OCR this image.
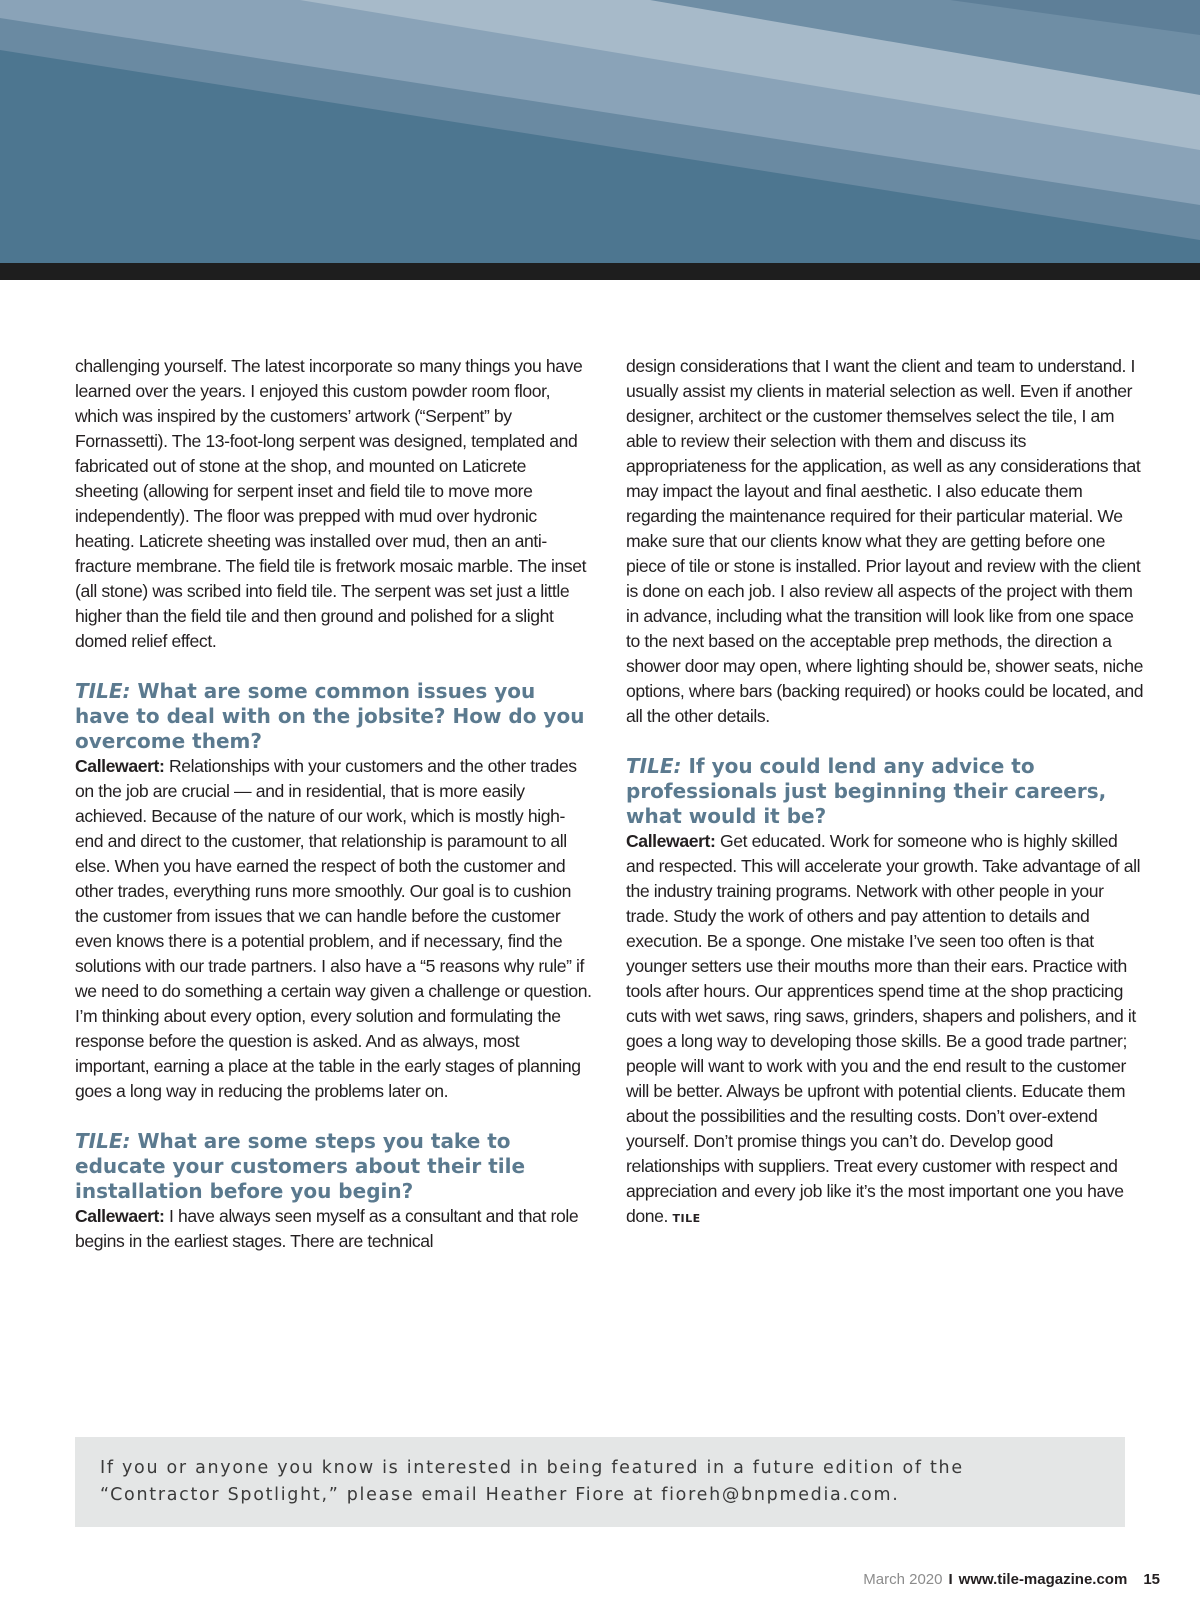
challenging yourself. The latest incorporate so many things you have learned over the years. I enjoyed this custom powder room floor, which was inspired by the customers’ artwork (“Serpent” by Fornassetti). The 13-foot-long serpent was designed, templated and fabricated out of stone at the shop, and mounted on Laticrete sheeting (allowing for serpent inset and field tile to move more independently). The floor was prepped with mud over hydronic heating. Laticrete sheeting was installed over mud, then an anti-fracture membrane. The field tile is fretwork mosaic marble. The inset (all stone) was scribed into field tile. The serpent was set just a little higher than the field tile and then ground and polished for a slight domed relief effect.

TILE: What are some common issues you have to deal with on the jobsite? How do you overcome them?

Callewaert: Relationships with your customers and the other trades on the job are crucial — and in residential, that is more easily achieved. Because of the nature of our work, which is mostly high-end and direct to the customer, that relationship is paramount to all else. When you have earned the respect of both the customer and other trades, everything runs more smoothly. Our goal is to cushion the customer from issues that we can handle before the customer even knows there is a potential problem, and if necessary, find the solutions with our trade partners. I also have a “5 reasons why rule” if we need to do something a certain way given a challenge or question. I’m thinking about every option, every solution and formulating the response before the question is asked. And as always, most important, earning a place at the table in the early stages of planning goes a long way in reducing the problems later on.

TILE: What are some steps you take to educate your customers about their tile installation before you begin?

Callewaert: I have always seen myself as a consultant and that role begins in the earliest stages. There are technical

design considerations that I want the client and team to understand. I usually assist my clients in material selection as well. Even if another designer, architect or the customer themselves select the tile, I am able to review their selection with them and discuss its appropriateness for the application, as well as any considerations that may impact the layout and final aesthetic. I also educate them regarding the maintenance required for their particular material. We make sure that our clients know what they are getting before one piece of tile or stone is installed. Prior layout and review with the client is done on each job. I also review all aspects of the project with them in advance, including what the transition will look like from one space to the next based on the acceptable prep methods, the direction a shower door may open, where lighting should be, shower seats, niche options, where bars (backing required) or hooks could be located, and all the other details.

TILE: If you could lend any advice to professionals just beginning their careers, what would it be?

Callewaert: Get educated. Work for someone who is highly skilled and respected. This will accelerate your growth. Take advantage of all the industry training programs. Network with other people in your trade. Study the work of others and pay attention to details and execution. Be a sponge. One mistake I’ve seen too often is that younger setters use their mouths more than their ears. Practice with tools after hours. Our apprentices spend time at the shop practicing cuts with wet saws, ring saws, grinders, shapers and polishers, and it goes a long way to developing those skills. Be a good trade partner; people will want to work with you and the end result to the customer will be better. Always be upfront with potential clients. Educate them about the possibilities and the resulting costs. Don’t over-extend yourself. Don’t promise things you can’t do. Develop good relationships with suppliers. Treat every customer with respect and appreciation and every job like it’s the most important one you have done. TILE

If you or anyone you know is interested in being featured in a future edition of the

“Contractor Spotlight,” please email Heather Fiore at fioreh@bnpmedia.com.

March 2020 I www.tile-magazine.com 15
